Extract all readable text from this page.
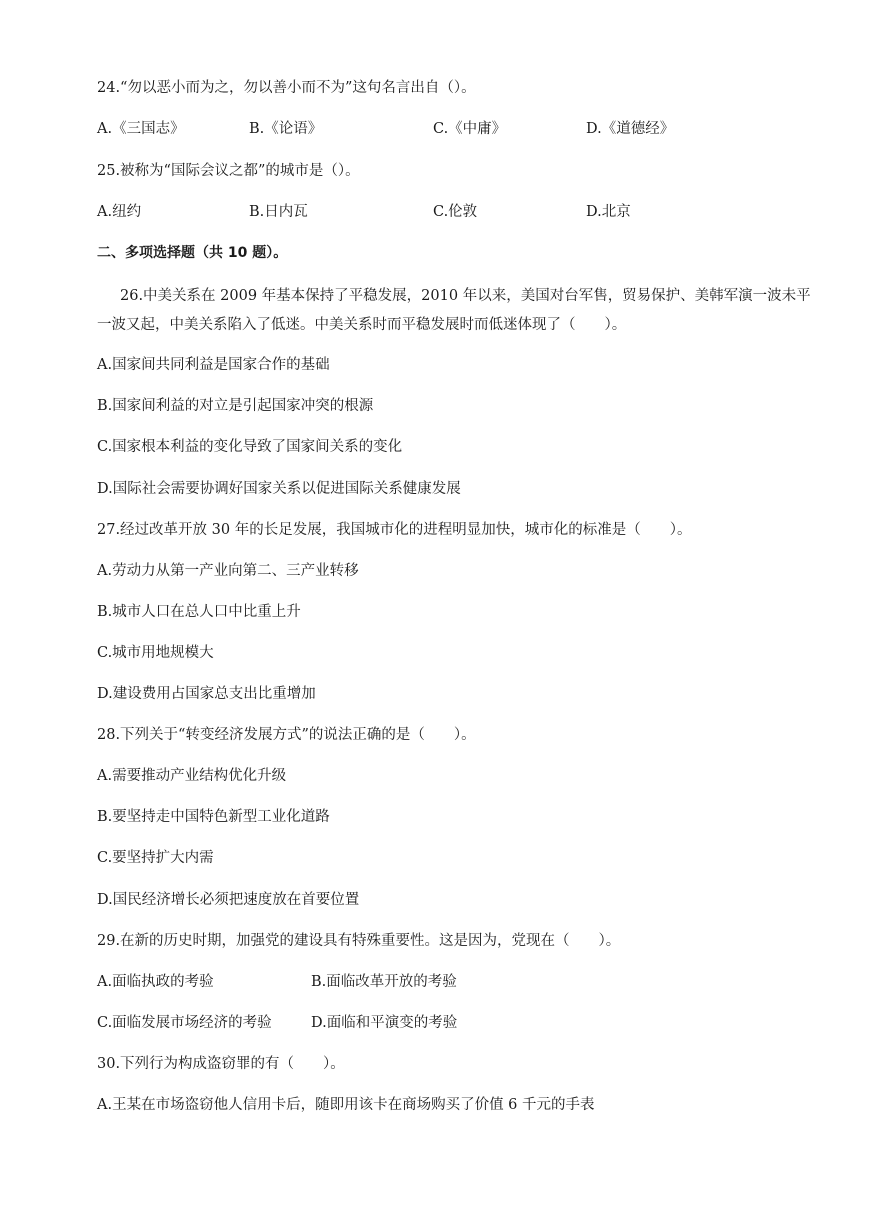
24.“勿以恶小而为之，勿以善小而不为”这句名言出自（）。
A.《三国志》	B.《论语》	C.《中庸》	D.《道德经》
25.被称为“国际会议之都”的城市是（）。
A.纽约	B.日内瓦	C.伦敦	D.北京
二、多项选择题（共 10 题）。
26.中美关系在 2009 年基本保持了平稳发展，2010 年以来，美国对台军售，贸易保护、美韩军演一波未平
一波又起，中美关系陷入了低迷。中美关系时而平稳发展时而低迷体现了（　　）。
A.国家间共同利益是国家合作的基础
B.国家间利益的对立是引起国家冲突的根源
C.国家根本利益的变化导致了国家间关系的变化
D.国际社会需要协调好国家关系以促进国际关系健康发展
27.经过改革开放 30 年的长足发展，我国城市化的进程明显加快，城市化的标准是（　　）。
A.劳动力从第一产业向第二、三产业转移
B.城市人口在总人口中比重上升
C.城市用地规模大
D.建设费用占国家总支出比重增加
28.下列关于“转变经济发展方式”的说法正确的是（　　）。
A.需要推动产业结构优化升级
B.要坚持走中国特色新型工业化道路
C.要坚持扩大内需
D.国民经济增长必须把速度放在首要位置
29.在新的历史时期，加强党的建设具有特殊重要性。这是因为，党现在（　　）。
A.面临执政的考验	B.面临改革开放的考验
C.面临发展市场经济的考验	D.面临和平演变的考验
30.下列行为构成盗窃罪的有（　　）。
A.王某在市场盗窃他人信用卡后，随即用该卡在商场购买了价值 6 千元的手表
